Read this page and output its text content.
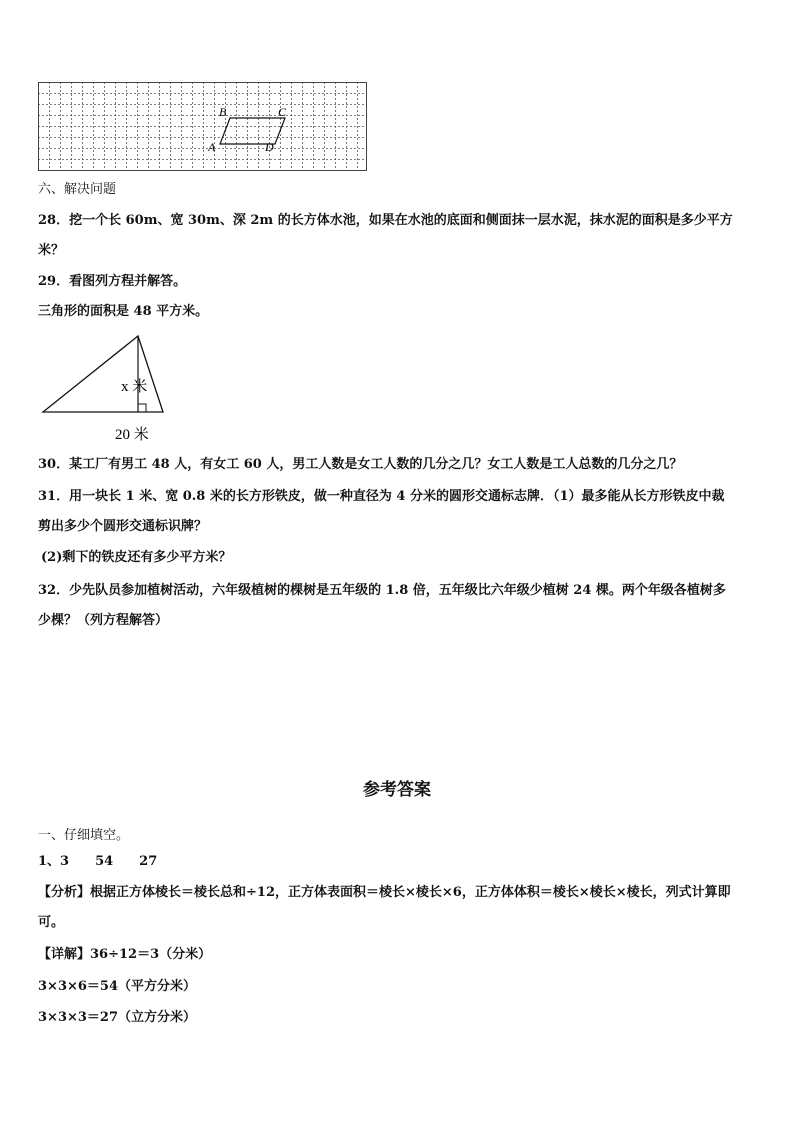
B	C
A	D
六、解决问题
28．挖一个长 60m、宽 30m、深 2m 的长方体水池，如果在水池的底面和侧面抹一层水泥，抹水泥的面积是多少平方
米？
29．看图列方程并解答。
三角形的面积是 48 平方米。
x 米
20 米
30．某工厂有男工 48 人，有女工 60 人，男工人数是女工人数的几分之几？女工人数是工人总数的几分之几？
31．用一块长 1 米、宽 0.8 米的长方形铁皮，做一种直径为 4 分米的圆形交通标志牌．（1）最多能从长方形铁皮中裁
剪出多少个圆形交通标识牌？
(2)剩下的铁皮还有多少平方米？
32．少先队员参加植树活动，六年级植树的棵树是五年级的 1.8 倍，五年级比六年级少植树 24 棵。两个年级各植树多
少棵？（列方程解答）
参考答案
一、仔细填空。
1、3　　54　　27
【分析】根据正方体棱长＝棱长总和÷12，正方体表面积＝棱长×棱长×6，正方体体积＝棱长×棱长×棱长，列式计算即
可。
【详解】36÷12＝3（分米）
3×3×6＝54（平方分米）
3×3×3＝27（立方分米）
